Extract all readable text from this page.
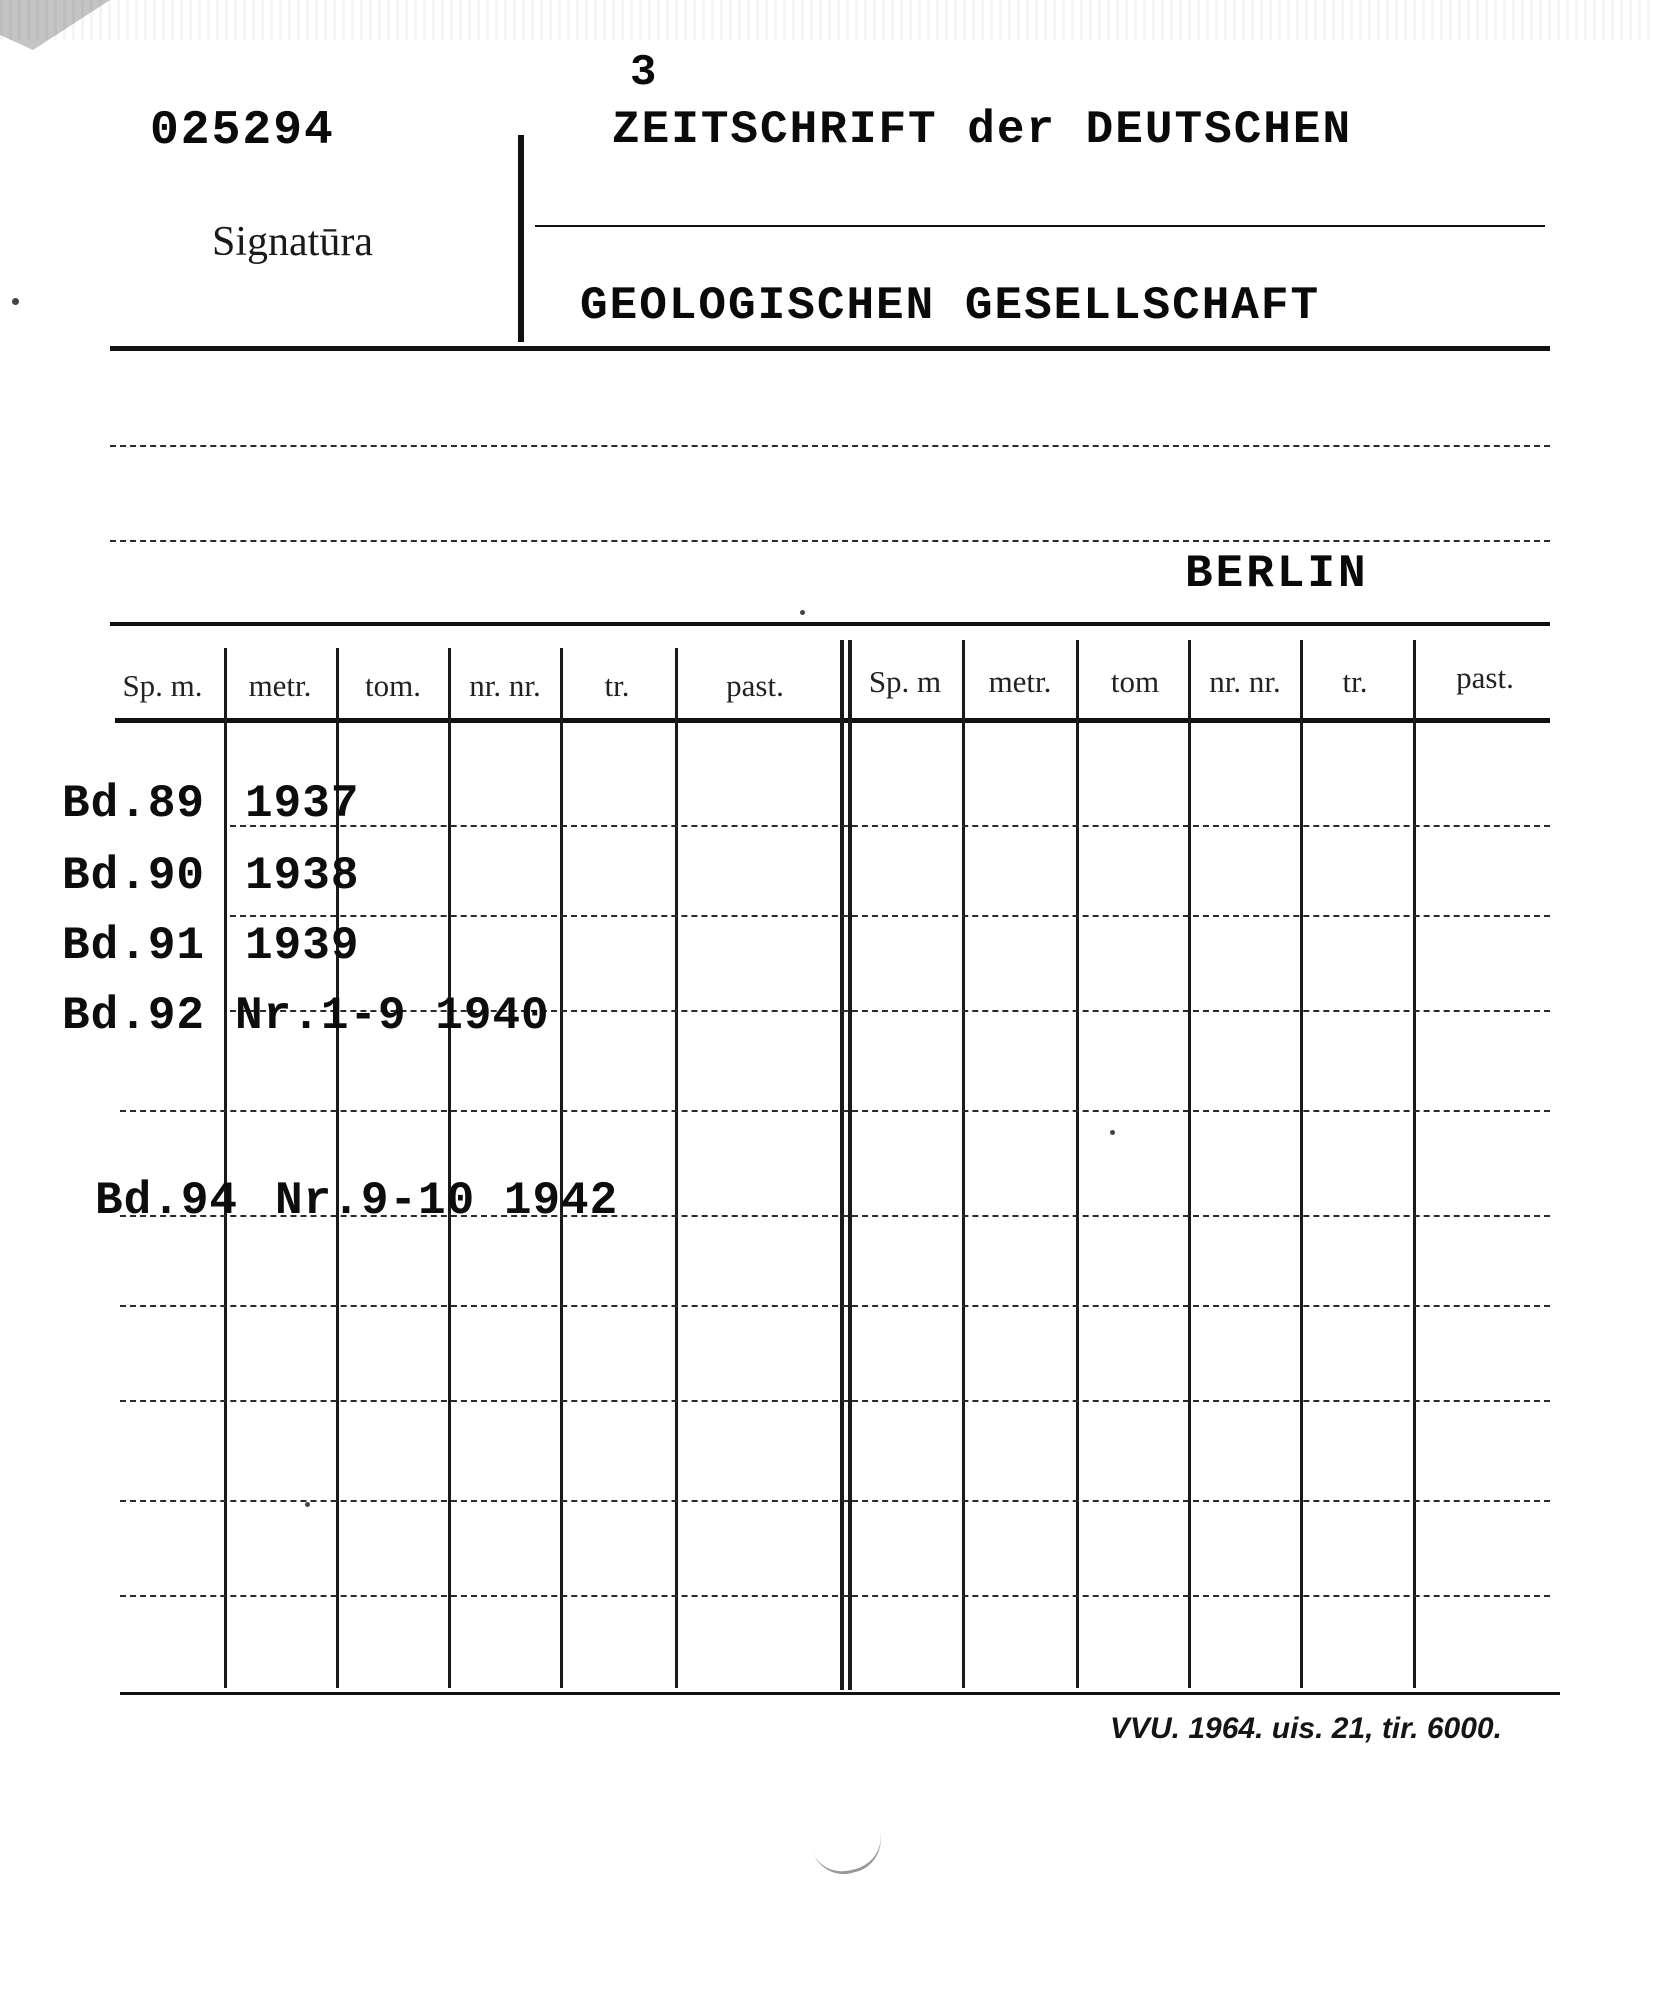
3
025294
Signatūra
ZEITSCHRIFT der DEUTSCHEN
GEOLOGISCHEN GESELLSCHAFT
BERLIN
Sp. m.	metr.	tom.	nr. nr.	tr.	past.	Sp. m	metr.	tom	nr. nr.	tr.	past.
Bd.89 1937
Bd.90 1938
Bd.91 1939
Bd.92 Nr.1-9 1940
Bd.94 Nr.9-10 1942
VVU. 1964. uis. 21, tir. 6000.
